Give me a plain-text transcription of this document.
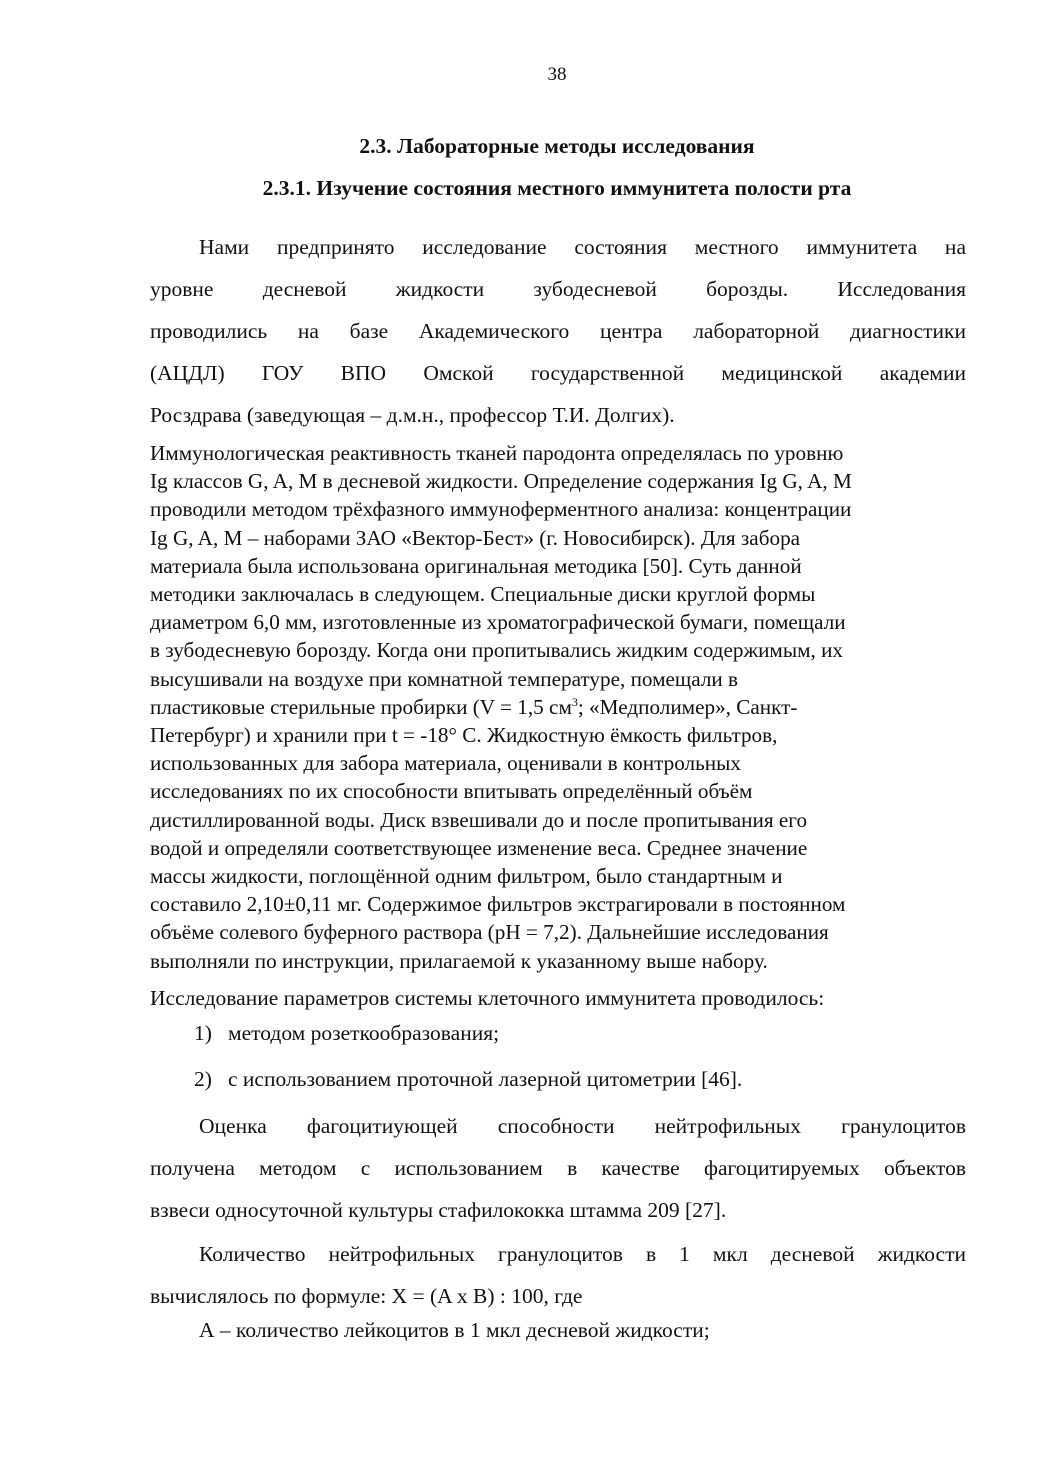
38
2.3. Лабораторные методы исследования
2.3.1. Изучение состояния местного иммунитета полости рта

Нами предпринято исследование состояния местного иммунитета на

уровне десневой жидкости зубодесневой борозды. Исследования

проводились на базе Академического центра лабораторной диагностики

(АЦДЛ) ГОУ ВПО Омской государственной медицинской академии

Росздрава (заведующая – д.м.н., профессор Т.И. Долгих).

Иммунологическая реактивность тканей пародонта определялась по уровню

Ig классов G, A, M в десневой жидкости. Определение содержания Ig G, A, M

проводили методом трёхфазного иммуноферментного анализа: концентрации

Ig G, A, M – наборами ЗАО «Вектор-Бест» (г. Новосибирск). Для забора

материала была использована оригинальная методика [50]. Суть данной

методики заключалась в следующем. Специальные диски круглой формы

диаметром 6,0 мм, изготовленные из хроматографической бумаги, помещали

в зубодесневую борозду. Когда они пропитывались жидким содержимым, их

высушивали на воздухе при комнатной температуре, помещали в

пластиковые стерильные пробирки (V = 1,5 $см^3$; «Медполимер», Санкт-

Петербург) и хранили при t = -18° С. Жидкостную ёмкость фильтров,

использованных для забора материала, оценивали в контрольных

исследованиях по их способности впитывать определённый объём

дистиллированной воды. Диск взвешивали до и после пропитывания его

водой и определяли соответствующее изменение веса. Среднее значение

массы жидкости, поглощённой одним фильтром, было стандартным и

составило 2,10±0,11 мг. Содержимое фильтров экстрагировали в постоянном

объёме солевого буферного раствора (pH = 7,2). Дальнейшие исследования

выполняли по инструкции, прилагаемой к указанному выше набору.

Исследование параметров системы клеточного иммунитета проводилось:

1) методом розеткообразования;
2) с использованием проточной лазерной цитометрии [46].

Оценка фагоцитиующей способности нейтрофильных гранулоцитов

получена методом с использованием в качестве фагоцитируемых объектов

взвеси односуточной культуры стафилококка штамма 209 [27].

Количество нейтрофильных гранулоцитов в 1 мкл десневой жидкости

вычислялось по формуле: X = (A x B) : 100, где

А – количество лейкоцитов в 1 мкл десневой жидкости;
